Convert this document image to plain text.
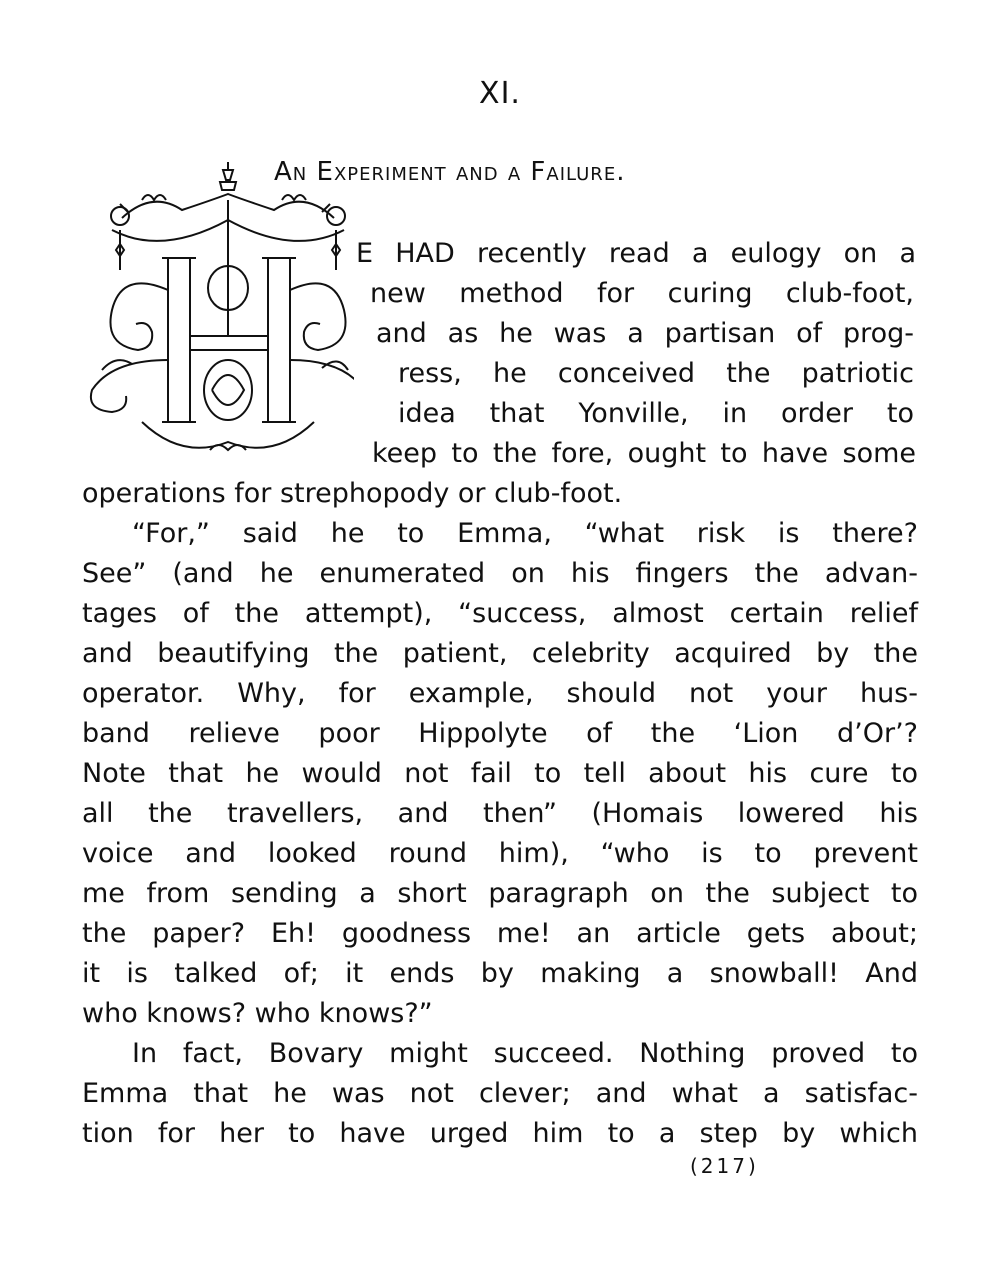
XI.
An Experiment and a Failure.
E HAD recently read a eulogy on a
new method for curing club-foot,
and as he was a partisan of prog-
ress, he conceived the patriotic
idea that Yonville, in order to
keep to the fore, ought to have some
operations for strephopody or club-foot.
“For,” said he to Emma, “what risk is there?
See” (and he enumerated on his fingers the advan-
tages of the attempt), “success, almost certain relief
and beautifying the patient, celebrity acquired by the
operator. Why, for example, should not your hus-
band relieve poor Hippolyte of the ‘Lion d’Or’?
Note that he would not fail to tell about his cure to
all the travellers, and then” (Homais lowered his
voice and looked round him), “who is to prevent
me from sending a short paragraph on the subject to
the paper? Eh! goodness me! an article gets about;
it is talked of; it ends by making a snowball! And
who knows? who knows?”
In fact, Bovary might succeed. Nothing proved to
Emma that he was not clever; and what a satisfac-
tion for her to have urged him to a step by which
(217)
